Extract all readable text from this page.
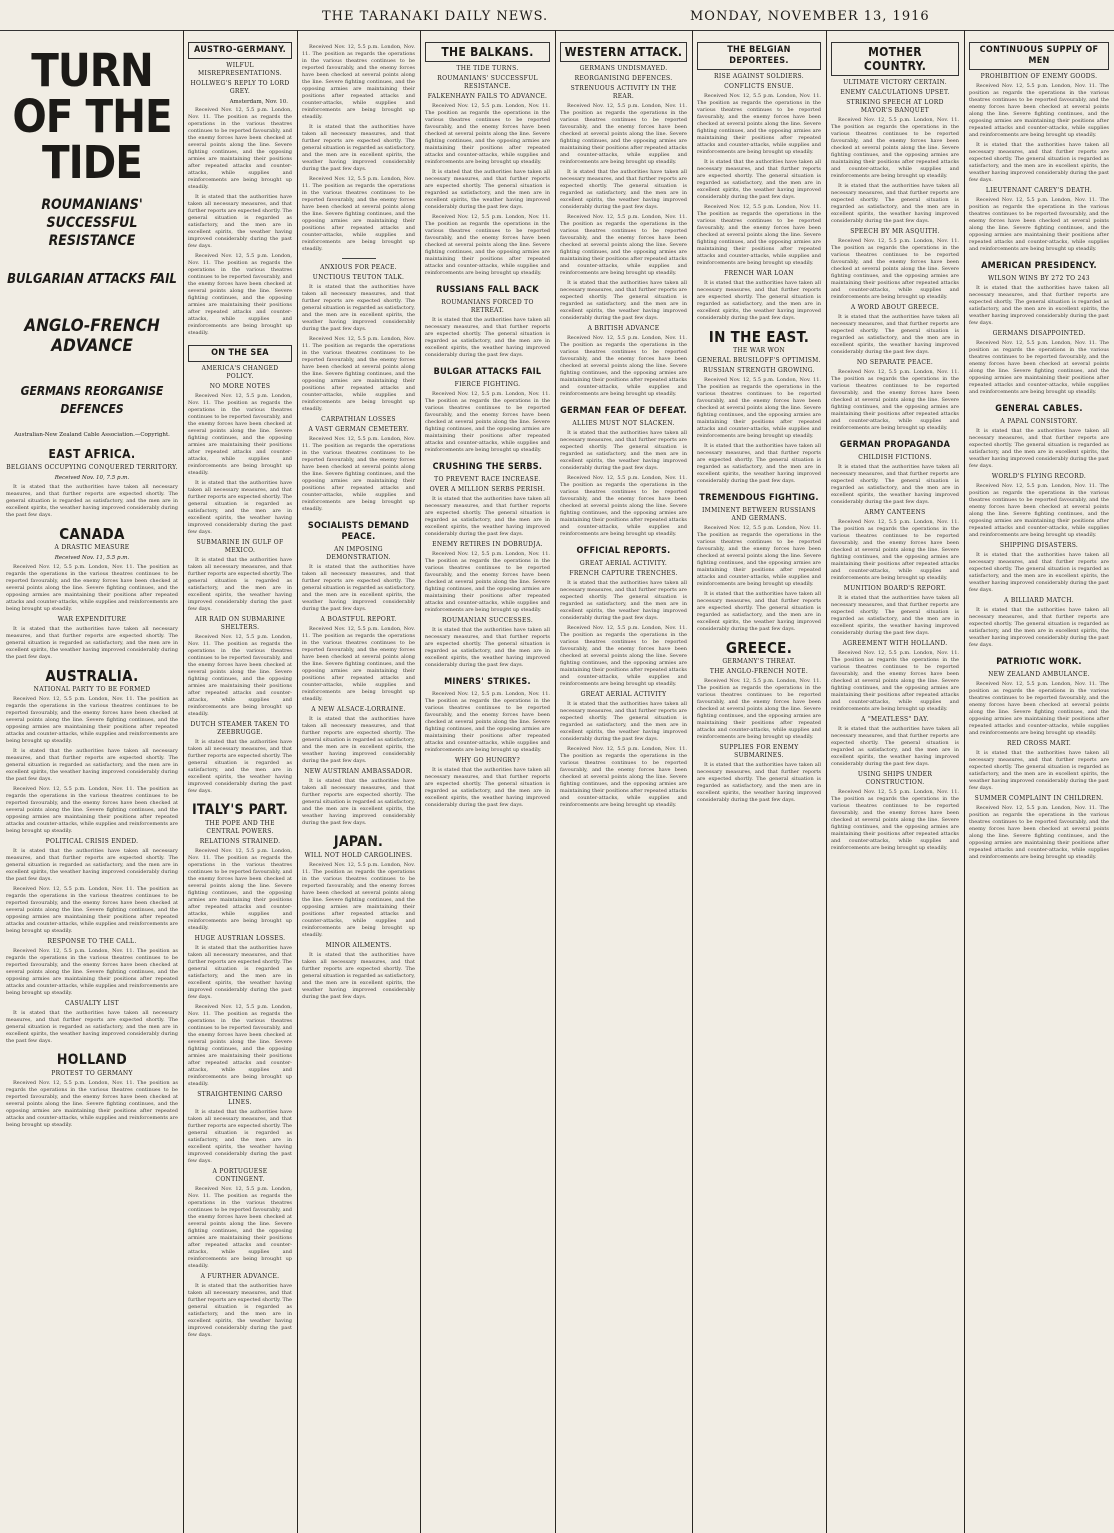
THE TARANAKI DAILY NEWS.	MONDAY, NOVEMBER 13, 1916
TURN OF THE TIDE
ROUMANIANS' SUCCESSFUL RESISTANCE
BULGARIAN ATTACKS FAIL
ANGLO-FRENCH ADVANCE
GERMANS REORGANISE DEFENCES
Australian-New Zealand Cable Association.—Copyright.
EAST AFRICA.
BELGIANS OCCUPYING CONQUERED TERRITORY.
Received Nov. 10, 7.5 p.m.

It is stated that the authorities have taken all necessary measures, and that further reports are expected shortly. The general situation is regarded as satisfactory, and the men are in excellent spirits, the weather having improved considerably during the past few days.

CANADA
A DRASTIC MEASURE
Received Nov. 11, 5.5 p.m.

Received Nov. 12, 5.5 p.m. London, Nov. 11. The position as regards the operations in the various theatres continues to be reported favourably, and the enemy forces have been checked at several points along the line. Severe fighting continues, and the opposing armies are maintaining their positions after repeated attacks and counter-attacks, while supplies and reinforcements are being brought up steadily.

WAR EXPENDITURE

It is stated that the authorities have taken all necessary measures, and that further reports are expected shortly. The general situation is regarded as satisfactory, and the men are in excellent spirits, the weather having improved considerably during the past few days.

AUSTRALIA.
NATIONAL PARTY TO BE FORMED

Received Nov. 12, 5.5 p.m. London, Nov. 11. The position as regards the operations in the various theatres continues to be reported favourably, and the enemy forces have been checked at several points along the line. Severe fighting continues, and the opposing armies are maintaining their positions after repeated attacks and counter-attacks, while supplies and reinforcements are being brought up steadily.

It is stated that the authorities have taken all necessary measures, and that further reports are expected shortly. The general situation is regarded as satisfactory, and the men are in excellent spirits, the weather having improved considerably during the past few days.

Received Nov. 12, 5.5 p.m. London, Nov. 11. The position as regards the operations in the various theatres continues to be reported favourably, and the enemy forces have been checked at several points along the line. Severe fighting continues, and the opposing armies are maintaining their positions after repeated attacks and counter-attacks, while supplies and reinforcements are being brought up steadily.

POLITICAL CRISIS ENDED.

It is stated that the authorities have taken all necessary measures, and that further reports are expected shortly. The general situation is regarded as satisfactory, and the men are in excellent spirits, the weather having improved considerably during the past few days.

Received Nov. 12, 5.5 p.m. London, Nov. 11. The position as regards the operations in the various theatres continues to be reported favourably, and the enemy forces have been checked at several points along the line. Severe fighting continues, and the opposing armies are maintaining their positions after repeated attacks and counter-attacks, while supplies and reinforcements are being brought up steadily.

RESPONSE TO THE CALL.

Received Nov. 12, 5.5 p.m. London, Nov. 11. The position as regards the operations in the various theatres continues to be reported favourably, and the enemy forces have been checked at several points along the line. Severe fighting continues, and the opposing armies are maintaining their positions after repeated attacks and counter-attacks, while supplies and reinforcements are being brought up steadily.

CASUALTY LIST

It is stated that the authorities have taken all necessary measures, and that further reports are expected shortly. The general situation is regarded as satisfactory, and the men are in excellent spirits, the weather having improved considerably during the past few days.

HOLLAND
PROTEST TO GERMANY

Received Nov. 12, 5.5 p.m. London, Nov. 11. The position as regards the operations in the various theatres continues to be reported favourably, and the enemy forces have been checked at several points along the line. Severe fighting continues, and the opposing armies are maintaining their positions after repeated attacks and counter-attacks, while supplies and reinforcements are being brought up steadily.

AUSTRO-GERMANY.
WILFUL MISREPRESENTATIONS.
HOLLWEG'S REPLY TO LORD GREY.
Amsterdam, Nov. 10.

Received Nov. 12, 5.5 p.m. London, Nov. 11. The position as regards the operations in the various theatres continues to be reported favourably, and the enemy forces have been checked at several points along the line. Severe fighting continues, and the opposing armies are maintaining their positions after repeated attacks and counter-attacks, while supplies and reinforcements are being brought up steadily.

It is stated that the authorities have taken all necessary measures, and that further reports are expected shortly. The general situation is regarded as satisfactory, and the men are in excellent spirits, the weather having improved considerably during the past few days.

Received Nov. 12, 5.5 p.m. London, Nov. 11. The position as regards the operations in the various theatres continues to be reported favourably, and the enemy forces have been checked at several points along the line. Severe fighting continues, and the opposing armies are maintaining their positions after repeated attacks and counter-attacks, while supplies and reinforcements are being brought up steadily.

ON THE SEA
AMERICA'S CHANGED POLICY.
NO MORE NOTES

Received Nov. 12, 5.5 p.m. London, Nov. 11. The position as regards the operations in the various theatres continues to be reported favourably, and the enemy forces have been checked at several points along the line. Severe fighting continues, and the opposing armies are maintaining their positions after repeated attacks and counter-attacks, while supplies and reinforcements are being brought up steadily.

It is stated that the authorities have taken all necessary measures, and that further reports are expected shortly. The general situation is regarded as satisfactory, and the men are in excellent spirits, the weather having improved considerably during the past few days.

SUBMARINE IN GULF OF MEXICO.

It is stated that the authorities have taken all necessary measures, and that further reports are expected shortly. The general situation is regarded as satisfactory, and the men are in excellent spirits, the weather having improved considerably during the past few days.

AIR RAID ON SUBMARINE SHELTERS.

Received Nov. 12, 5.5 p.m. London, Nov. 11. The position as regards the operations in the various theatres continues to be reported favourably, and the enemy forces have been checked at several points along the line. Severe fighting continues, and the opposing armies are maintaining their positions after repeated attacks and counter-attacks, while supplies and reinforcements are being brought up steadily.

DUTCH STEAMER TAKEN TO ZEEBRUGGE.

It is stated that the authorities have taken all necessary measures, and that further reports are expected shortly. The general situation is regarded as satisfactory, and the men are in excellent spirits, the weather having improved considerably during the past few days.

ITALY'S PART.
THE POPE AND THE CENTRAL POWERS.
RELATIONS STRAINED.

Received Nov. 12, 5.5 p.m. London, Nov. 11. The position as regards the operations in the various theatres continues to be reported favourably, and the enemy forces have been checked at several points along the line. Severe fighting continues, and the opposing armies are maintaining their positions after repeated attacks and counter-attacks, while supplies and reinforcements are being brought up steadily.

HUGE AUSTRIAN LOSSES.

It is stated that the authorities have taken all necessary measures, and that further reports are expected shortly. The general situation is regarded as satisfactory, and the men are in excellent spirits, the weather having improved considerably during the past few days.

Received Nov. 12, 5.5 p.m. London, Nov. 11. The position as regards the operations in the various theatres continues to be reported favourably, and the enemy forces have been checked at several points along the line. Severe fighting continues, and the opposing armies are maintaining their positions after repeated attacks and counter-attacks, while supplies and reinforcements are being brought up steadily.

STRAIGHTENING CARSO LINES.

It is stated that the authorities have taken all necessary measures, and that further reports are expected shortly. The general situation is regarded as satisfactory, and the men are in excellent spirits, the weather having improved considerably during the past few days.

A PORTUGUESE CONTINGENT.

Received Nov. 12, 5.5 p.m. London, Nov. 11. The position as regards the operations in the various theatres continues to be reported favourably, and the enemy forces have been checked at several points along the line. Severe fighting continues, and the opposing armies are maintaining their positions after repeated attacks and counter-attacks, while supplies and reinforcements are being brought up steadily.

A FURTHER ADVANCE.

It is stated that the authorities have taken all necessary measures, and that further reports are expected shortly. The general situation is regarded as satisfactory, and the men are in excellent spirits, the weather having improved considerably during the past few days.

Received Nov. 12, 5.5 p.m. London, Nov. 11. The position as regards the operations in the various theatres continues to be reported favourably, and the enemy forces have been checked at several points along the line. Severe fighting continues, and the opposing armies are maintaining their positions after repeated attacks and counter-attacks, while supplies and reinforcements are being brought up steadily.

It is stated that the authorities have taken all necessary measures, and that further reports are expected shortly. The general situation is regarded as satisfactory, and the men are in excellent spirits, the weather having improved considerably during the past few days.

Received Nov. 12, 5.5 p.m. London, Nov. 11. The position as regards the operations in the various theatres continues to be reported favourably, and the enemy forces have been checked at several points along the line. Severe fighting continues, and the opposing armies are maintaining their positions after repeated attacks and counter-attacks, while supplies and reinforcements are being brought up steadily.

ANXIOUS FOR PEACE.
UNCTIOUS TEUTON TALK.

It is stated that the authorities have taken all necessary measures, and that further reports are expected shortly. The general situation is regarded as satisfactory, and the men are in excellent spirits, the weather having improved considerably during the past few days.

Received Nov. 12, 5.5 p.m. London, Nov. 11. The position as regards the operations in the various theatres continues to be reported favourably, and the enemy forces have been checked at several points along the line. Severe fighting continues, and the opposing armies are maintaining their positions after repeated attacks and counter-attacks, while supplies and reinforcements are being brought up steadily.

CARPATHIAN LOSSES
A VAST GERMAN CEMETERY.

Received Nov. 12, 5.5 p.m. London, Nov. 11. The position as regards the operations in the various theatres continues to be reported favourably, and the enemy forces have been checked at several points along the line. Severe fighting continues, and the opposing armies are maintaining their positions after repeated attacks and counter-attacks, while supplies and reinforcements are being brought up steadily.

SOCIALISTS DEMAND PEACE.
AN IMPOSING DEMONSTRATION.

It is stated that the authorities have taken all necessary measures, and that further reports are expected shortly. The general situation is regarded as satisfactory, and the men are in excellent spirits, the weather having improved considerably during the past few days.

A BOASTFUL REPORT.

Received Nov. 12, 5.5 p.m. London, Nov. 11. The position as regards the operations in the various theatres continues to be reported favourably, and the enemy forces have been checked at several points along the line. Severe fighting continues, and the opposing armies are maintaining their positions after repeated attacks and counter-attacks, while supplies and reinforcements are being brought up steadily.

A NEW ALSACE-LORRAINE.

It is stated that the authorities have taken all necessary measures, and that further reports are expected shortly. The general situation is regarded as satisfactory, and the men are in excellent spirits, the weather having improved considerably during the past few days.

NEW AUSTRIAN AMBASSADOR.

It is stated that the authorities have taken all necessary measures, and that further reports are expected shortly. The general situation is regarded as satisfactory, and the men are in excellent spirits, the weather having improved considerably during the past few days.

JAPAN.
WILL NOT HOLD CARGOLINES.

Received Nov. 12, 5.5 p.m. London, Nov. 11. The position as regards the operations in the various theatres continues to be reported favourably, and the enemy forces have been checked at several points along the line. Severe fighting continues, and the opposing armies are maintaining their positions after repeated attacks and counter-attacks, while supplies and reinforcements are being brought up steadily.

MINOR AILMENTS.

It is stated that the authorities have taken all necessary measures, and that further reports are expected shortly. The general situation is regarded as satisfactory, and the men are in excellent spirits, the weather having improved considerably during the past few days.

THE BALKANS.
THE TIDE TURNS.
ROUMANIANS' SUCCESSFUL RESISTANCE.
FALKENHAYN FAILS TO ADVANCE.

Received Nov. 12, 5.5 p.m. London, Nov. 11. The position as regards the operations in the various theatres continues to be reported favourably, and the enemy forces have been checked at several points along the line. Severe fighting continues, and the opposing armies are maintaining their positions after repeated attacks and counter-attacks, while supplies and reinforcements are being brought up steadily.

It is stated that the authorities have taken all necessary measures, and that further reports are expected shortly. The general situation is regarded as satisfactory, and the men are in excellent spirits, the weather having improved considerably during the past few days.

Received Nov. 12, 5.5 p.m. London, Nov. 11. The position as regards the operations in the various theatres continues to be reported favourably, and the enemy forces have been checked at several points along the line. Severe fighting continues, and the opposing armies are maintaining their positions after repeated attacks and counter-attacks, while supplies and reinforcements are being brought up steadily.

RUSSIANS FALL BACK
ROUMANIANS FORCED TO RETREAT.

It is stated that the authorities have taken all necessary measures, and that further reports are expected shortly. The general situation is regarded as satisfactory, and the men are in excellent spirits, the weather having improved considerably during the past few days.

BULGAR ATTACKS FAIL
FIERCE FIGHTING.

Received Nov. 12, 5.5 p.m. London, Nov. 11. The position as regards the operations in the various theatres continues to be reported favourably, and the enemy forces have been checked at several points along the line. Severe fighting continues, and the opposing armies are maintaining their positions after repeated attacks and counter-attacks, while supplies and reinforcements are being brought up steadily.

CRUSHING THE SERBS.
TO PREVENT RACE INCREASE.
OVER A MILLION SERBS PERISH.

It is stated that the authorities have taken all necessary measures, and that further reports are expected shortly. The general situation is regarded as satisfactory, and the men are in excellent spirits, the weather having improved considerably during the past few days.

ENEMY RETIRES IN DOBRUDJA.

Received Nov. 12, 5.5 p.m. London, Nov. 11. The position as regards the operations in the various theatres continues to be reported favourably, and the enemy forces have been checked at several points along the line. Severe fighting continues, and the opposing armies are maintaining their positions after repeated attacks and counter-attacks, while supplies and reinforcements are being brought up steadily.

ROUMANIAN SUCCESSES.

It is stated that the authorities have taken all necessary measures, and that further reports are expected shortly. The general situation is regarded as satisfactory, and the men are in excellent spirits, the weather having improved considerably during the past few days.

MINERS' STRIKES.

Received Nov. 12, 5.5 p.m. London, Nov. 11. The position as regards the operations in the various theatres continues to be reported favourably, and the enemy forces have been checked at several points along the line. Severe fighting continues, and the opposing armies are maintaining their positions after repeated attacks and counter-attacks, while supplies and reinforcements are being brought up steadily.

WHY GO HUNGRY?

It is stated that the authorities have taken all necessary measures, and that further reports are expected shortly. The general situation is regarded as satisfactory, and the men are in excellent spirits, the weather having improved considerably during the past few days.

WESTERN ATTACK.
GERMANS UNDISMAYED.
REORGANISING DEFENCES.
STRENUOUS ACTIVITY IN THE REAR.

Received Nov. 12, 5.5 p.m. London, Nov. 11. The position as regards the operations in the various theatres continues to be reported favourably, and the enemy forces have been checked at several points along the line. Severe fighting continues, and the opposing armies are maintaining their positions after repeated attacks and counter-attacks, while supplies and reinforcements are being brought up steadily.

It is stated that the authorities have taken all necessary measures, and that further reports are expected shortly. The general situation is regarded as satisfactory, and the men are in excellent spirits, the weather having improved considerably during the past few days.

Received Nov. 12, 5.5 p.m. London, Nov. 11. The position as regards the operations in the various theatres continues to be reported favourably, and the enemy forces have been checked at several points along the line. Severe fighting continues, and the opposing armies are maintaining their positions after repeated attacks and counter-attacks, while supplies and reinforcements are being brought up steadily.

It is stated that the authorities have taken all necessary measures, and that further reports are expected shortly. The general situation is regarded as satisfactory, and the men are in excellent spirits, the weather having improved considerably during the past few days.

A BRITISH ADVANCE

Received Nov. 12, 5.5 p.m. London, Nov. 11. The position as regards the operations in the various theatres continues to be reported favourably, and the enemy forces have been checked at several points along the line. Severe fighting continues, and the opposing armies are maintaining their positions after repeated attacks and counter-attacks, while supplies and reinforcements are being brought up steadily.

GERMAN FEAR OF DEFEAT.
ALLIES MUST NOT SLACKEN.

It is stated that the authorities have taken all necessary measures, and that further reports are expected shortly. The general situation is regarded as satisfactory, and the men are in excellent spirits, the weather having improved considerably during the past few days.

Received Nov. 12, 5.5 p.m. London, Nov. 11. The position as regards the operations in the various theatres continues to be reported favourably, and the enemy forces have been checked at several points along the line. Severe fighting continues, and the opposing armies are maintaining their positions after repeated attacks and counter-attacks, while supplies and reinforcements are being brought up steadily.

OFFICIAL REPORTS.
GREAT AERIAL ACTIVITY.
FRENCH CAPTURE TRENCHES.

It is stated that the authorities have taken all necessary measures, and that further reports are expected shortly. The general situation is regarded as satisfactory, and the men are in excellent spirits, the weather having improved considerably during the past few days.

Received Nov. 12, 5.5 p.m. London, Nov. 11. The position as regards the operations in the various theatres continues to be reported favourably, and the enemy forces have been checked at several points along the line. Severe fighting continues, and the opposing armies are maintaining their positions after repeated attacks and counter-attacks, while supplies and reinforcements are being brought up steadily.

GREAT AERIAL ACTIVITY

It is stated that the authorities have taken all necessary measures, and that further reports are expected shortly. The general situation is regarded as satisfactory, and the men are in excellent spirits, the weather having improved considerably during the past few days.

Received Nov. 12, 5.5 p.m. London, Nov. 11. The position as regards the operations in the various theatres continues to be reported favourably, and the enemy forces have been checked at several points along the line. Severe fighting continues, and the opposing armies are maintaining their positions after repeated attacks and counter-attacks, while supplies and reinforcements are being brought up steadily.

THE BELGIAN DEPORTEES.
RISE AGAINST SOLDIERS.
CONFLICTS ENSUE.

Received Nov. 12, 5.5 p.m. London, Nov. 11. The position as regards the operations in the various theatres continues to be reported favourably, and the enemy forces have been checked at several points along the line. Severe fighting continues, and the opposing armies are maintaining their positions after repeated attacks and counter-attacks, while supplies and reinforcements are being brought up steadily.

It is stated that the authorities have taken all necessary measures, and that further reports are expected shortly. The general situation is regarded as satisfactory, and the men are in excellent spirits, the weather having improved considerably during the past few days.

Received Nov. 12, 5.5 p.m. London, Nov. 11. The position as regards the operations in the various theatres continues to be reported favourably, and the enemy forces have been checked at several points along the line. Severe fighting continues, and the opposing armies are maintaining their positions after repeated attacks and counter-attacks, while supplies and reinforcements are being brought up steadily.

FRENCH WAR LOAN

It is stated that the authorities have taken all necessary measures, and that further reports are expected shortly. The general situation is regarded as satisfactory, and the men are in excellent spirits, the weather having improved considerably during the past few days.

IN THE EAST.
THE WAR WON
GENERAL BRUSILOFF'S OPTIMISM.
RUSSIAN STRENGTH GROWING.

Received Nov. 12, 5.5 p.m. London, Nov. 11. The position as regards the operations in the various theatres continues to be reported favourably, and the enemy forces have been checked at several points along the line. Severe fighting continues, and the opposing armies are maintaining their positions after repeated attacks and counter-attacks, while supplies and reinforcements are being brought up steadily.

It is stated that the authorities have taken all necessary measures, and that further reports are expected shortly. The general situation is regarded as satisfactory, and the men are in excellent spirits, the weather having improved considerably during the past few days.

TREMENDOUS FIGHTING.
IMMINENT BETWEEN RUSSIANS AND GERMANS.

Received Nov. 12, 5.5 p.m. London, Nov. 11. The position as regards the operations in the various theatres continues to be reported favourably, and the enemy forces have been checked at several points along the line. Severe fighting continues, and the opposing armies are maintaining their positions after repeated attacks and counter-attacks, while supplies and reinforcements are being brought up steadily.

It is stated that the authorities have taken all necessary measures, and that further reports are expected shortly. The general situation is regarded as satisfactory, and the men are in excellent spirits, the weather having improved considerably during the past few days.

GREECE.
GERMANY'S THREAT.
THE ANGLO-FRENCH NOTE.

Received Nov. 12, 5.5 p.m. London, Nov. 11. The position as regards the operations in the various theatres continues to be reported favourably, and the enemy forces have been checked at several points along the line. Severe fighting continues, and the opposing armies are maintaining their positions after repeated attacks and counter-attacks, while supplies and reinforcements are being brought up steadily.

SUPPLIES FOR ENEMY SUBMARINES.

It is stated that the authorities have taken all necessary measures, and that further reports are expected shortly. The general situation is regarded as satisfactory, and the men are in excellent spirits, the weather having improved considerably during the past few days.

MOTHER COUNTRY.
ULTIMATE VICTORY CERTAIN.
ENEMY CALCULATIONS UPSET.
STRIKING SPEECH AT LORD MAYOR'S BANQUET

Received Nov. 12, 5.5 p.m. London, Nov. 11. The position as regards the operations in the various theatres continues to be reported favourably, and the enemy forces have been checked at several points along the line. Severe fighting continues, and the opposing armies are maintaining their positions after repeated attacks and counter-attacks, while supplies and reinforcements are being brought up steadily.

It is stated that the authorities have taken all necessary measures, and that further reports are expected shortly. The general situation is regarded as satisfactory, and the men are in excellent spirits, the weather having improved considerably during the past few days.

SPEECH BY MR ASQUITH.

Received Nov. 12, 5.5 p.m. London, Nov. 11. The position as regards the operations in the various theatres continues to be reported favourably, and the enemy forces have been checked at several points along the line. Severe fighting continues, and the opposing armies are maintaining their positions after repeated attacks and counter-attacks, while supplies and reinforcements are being brought up steadily.

A WORD ABOUT GREECE.

It is stated that the authorities have taken all necessary measures, and that further reports are expected shortly. The general situation is regarded as satisfactory, and the men are in excellent spirits, the weather having improved considerably during the past few days.

NO SEPARATE PEACE.

Received Nov. 12, 5.5 p.m. London, Nov. 11. The position as regards the operations in the various theatres continues to be reported favourably, and the enemy forces have been checked at several points along the line. Severe fighting continues, and the opposing armies are maintaining their positions after repeated attacks and counter-attacks, while supplies and reinforcements are being brought up steadily.

GERMAN PROPAGANDA
CHILDISH FICTIONS.

It is stated that the authorities have taken all necessary measures, and that further reports are expected shortly. The general situation is regarded as satisfactory, and the men are in excellent spirits, the weather having improved considerably during the past few days.

ARMY CANTEENS

Received Nov. 12, 5.5 p.m. London, Nov. 11. The position as regards the operations in the various theatres continues to be reported favourably, and the enemy forces have been checked at several points along the line. Severe fighting continues, and the opposing armies are maintaining their positions after repeated attacks and counter-attacks, while supplies and reinforcements are being brought up steadily.

MUNITION BOARD'S REPORT.

It is stated that the authorities have taken all necessary measures, and that further reports are expected shortly. The general situation is regarded as satisfactory, and the men are in excellent spirits, the weather having improved considerably during the past few days.

AGREEMENT WITH HOLLAND.

Received Nov. 12, 5.5 p.m. London, Nov. 11. The position as regards the operations in the various theatres continues to be reported favourably, and the enemy forces have been checked at several points along the line. Severe fighting continues, and the opposing armies are maintaining their positions after repeated attacks and counter-attacks, while supplies and reinforcements are being brought up steadily.

A "MEATLESS" DAY.

It is stated that the authorities have taken all necessary measures, and that further reports are expected shortly. The general situation is regarded as satisfactory, and the men are in excellent spirits, the weather having improved considerably during the past few days.

USING SHIPS UNDER CONSTRUCTION.

Received Nov. 12, 5.5 p.m. London, Nov. 11. The position as regards the operations in the various theatres continues to be reported favourably, and the enemy forces have been checked at several points along the line. Severe fighting continues, and the opposing armies are maintaining their positions after repeated attacks and counter-attacks, while supplies and reinforcements are being brought up steadily.

CONTINUOUS SUPPLY OF MEN
PROHIBITION OF ENEMY GOODS.

Received Nov. 12, 5.5 p.m. London, Nov. 11. The position as regards the operations in the various theatres continues to be reported favourably, and the enemy forces have been checked at several points along the line. Severe fighting continues, and the opposing armies are maintaining their positions after repeated attacks and counter-attacks, while supplies and reinforcements are being brought up steadily.

It is stated that the authorities have taken all necessary measures, and that further reports are expected shortly. The general situation is regarded as satisfactory, and the men are in excellent spirits, the weather having improved considerably during the past few days.

LIEUTENANT CAREY'S DEATH.

Received Nov. 12, 5.5 p.m. London, Nov. 11. The position as regards the operations in the various theatres continues to be reported favourably, and the enemy forces have been checked at several points along the line. Severe fighting continues, and the opposing armies are maintaining their positions after repeated attacks and counter-attacks, while supplies and reinforcements are being brought up steadily.

AMERICAN PRESIDENCY.
WILSON WINS BY 272 TO 243

It is stated that the authorities have taken all necessary measures, and that further reports are expected shortly. The general situation is regarded as satisfactory, and the men are in excellent spirits, the weather having improved considerably during the past few days.

GERMANS DISAPPOINTED.

Received Nov. 12, 5.5 p.m. London, Nov. 11. The position as regards the operations in the various theatres continues to be reported favourably, and the enemy forces have been checked at several points along the line. Severe fighting continues, and the opposing armies are maintaining their positions after repeated attacks and counter-attacks, while supplies and reinforcements are being brought up steadily.

GENERAL CABLES.
A PAPAL CONSISTORY.

It is stated that the authorities have taken all necessary measures, and that further reports are expected shortly. The general situation is regarded as satisfactory, and the men are in excellent spirits, the weather having improved considerably during the past few days.

WORLD'S FLYING RECORD.

Received Nov. 12, 5.5 p.m. London, Nov. 11. The position as regards the operations in the various theatres continues to be reported favourably, and the enemy forces have been checked at several points along the line. Severe fighting continues, and the opposing armies are maintaining their positions after repeated attacks and counter-attacks, while supplies and reinforcements are being brought up steadily.

SHIPPING DISASTERS.

It is stated that the authorities have taken all necessary measures, and that further reports are expected shortly. The general situation is regarded as satisfactory, and the men are in excellent spirits, the weather having improved considerably during the past few days.

A BILLIARD MATCH.

It is stated that the authorities have taken all necessary measures, and that further reports are expected shortly. The general situation is regarded as satisfactory, and the men are in excellent spirits, the weather having improved considerably during the past few days.

PATRIOTIC WORK.
NEW ZEALAND AMBULANCE.

Received Nov. 12, 5.5 p.m. London, Nov. 11. The position as regards the operations in the various theatres continues to be reported favourably, and the enemy forces have been checked at several points along the line. Severe fighting continues, and the opposing armies are maintaining their positions after repeated attacks and counter-attacks, while supplies and reinforcements are being brought up steadily.

RED CROSS MART.

It is stated that the authorities have taken all necessary measures, and that further reports are expected shortly. The general situation is regarded as satisfactory, and the men are in excellent spirits, the weather having improved considerably during the past few days.

SUMMER COMPLAINT IN CHILDREN.

Received Nov. 12, 5.5 p.m. London, Nov. 11. The position as regards the operations in the various theatres continues to be reported favourably, and the enemy forces have been checked at several points along the line. Severe fighting continues, and the opposing armies are maintaining their positions after repeated attacks and counter-attacks, while supplies and reinforcements are being brought up steadily.
